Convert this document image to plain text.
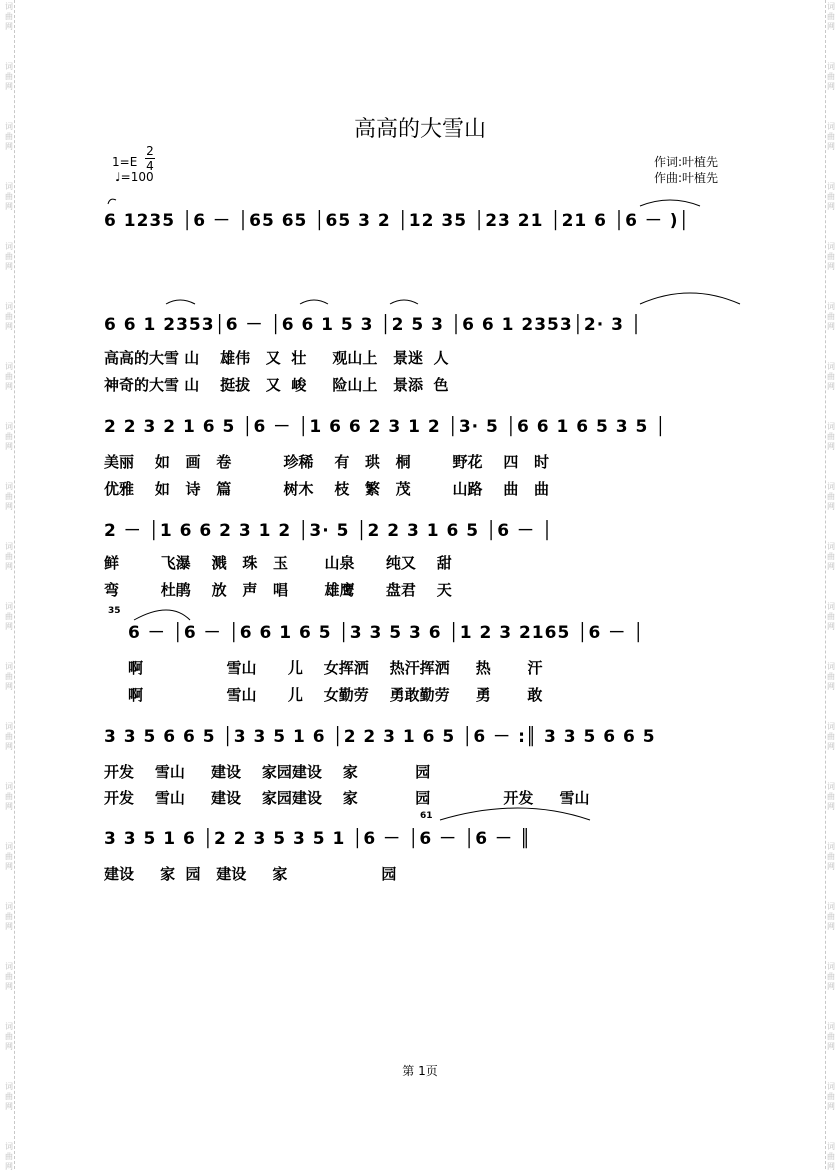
词
曲
网
词
曲
网
词
曲
网
词
曲
网
词
曲
网
词
曲
网
词
曲
网
词
曲
网
词
曲
网
词
曲
网
词
曲
网
词
曲
网
词
曲
网
词
曲
网
词
曲
网
词
曲
网
词
曲
网
词
曲
网
词
曲
网
词
曲
网
词
曲
网
词
曲
网
词
曲
网
词
曲
网
词
曲
网
词
曲
网
词
曲
网
词
曲
网
词
曲
网
词
曲
网
词
曲
网
词
曲
网
词
曲
网
词
曲
网
词
曲
网
词
曲
网
词
曲
网
词
曲
网
词
曲
网
词
曲
网
高高的大雪山
1=E
2
4
♩=100
作词:叶植先
作曲:叶植先
6 1235 │6 － │65 65 │65 3 2 │12 35 │23 21 │21 6 │6 － )│
6 6 1 2353│6 － │6 6 1 5 3 │2 5 3 │6 6 1 2353│2· 3 │
高高的大雪 山    雄伟   又  壮     观山上   景迷  人
神奇的大雪 山    挺拔   又  峻     险山上   景添  色
2 2 3 2 1 6 5 │6 － │1 6 6 2 3 1 2 │3· 5 │6 6 1 6 5 3 5 │
美丽    如   画   卷          珍稀    有   珙   桐        野花    四   时
优雅    如   诗   篇          树木    枝   繁   茂        山路    曲   曲
2 － │1 6 6 2 3 1 2 │3· 5 │2 2 3 1 6 5 │6 － │
鲜        飞瀑    溅   珠   玉       山泉      纯又    甜
弯        杜鹃    放   声   唱       雄鹰      盘君    天
35
6 － │6 － │6 6 1 6 5 │3 3 5 3 6 │1 2 3 2165 │6 － │
啊                雪山      儿    女挥洒    热汗挥洒     热       汗
啊                雪山      儿    女勤劳    勇敢勤劳     勇       敢
3 3 5 6 6 5 │3 3 5 1 6 │2 2 3 1 6 5 │6 － :║ 3 3 5 6 6 5
开发    雪山     建设    家园建设    家           园
开发    雪山     建设    家园建设    家           园              开发     雪山
61
3 3 5 1 6 │2 2 3 5 3 5 1 │6 － │6 － │6 － ║
建设     家  园   建设     家                  园
第 1页
